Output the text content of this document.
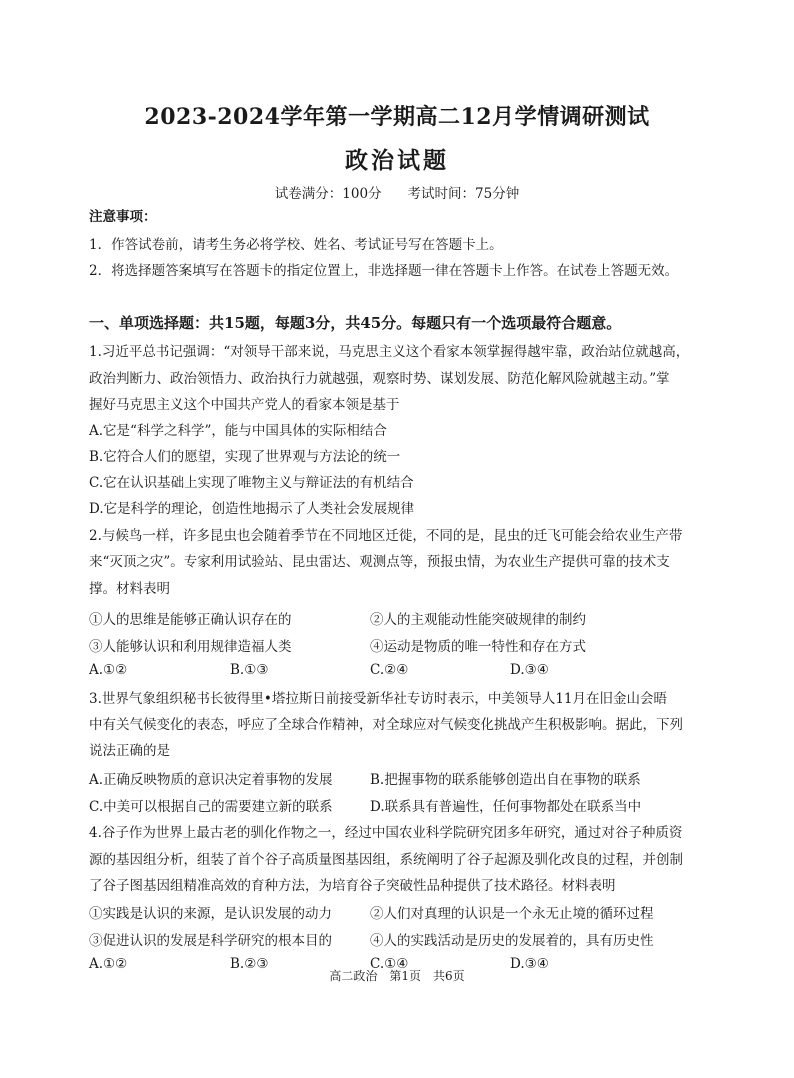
2023-2024学年第一学期高二12月学情调研测试
政治试题
试卷满分：100分 考试时间：75分钟
注意事项：
1．作答试卷前，请考生务必将学校、姓名、考试证号写在答题卡上。
2．将选择题答案填写在答题卡的指定位置上，非选择题一律在答题卡上作答。在试卷上答题无效。
一、单项选择题：共15题，每题3分，共45分。每题只有一个选项最符合题意。
1.习近平总书记强调：“对领导干部来说，马克思主义这个看家本领掌握得越牢靠，政治站位就越高，
政治判断力、政治领悟力、政治执行力就越强，观察时势、谋划发展、防范化解风险就越主动。”掌
握好马克思主义这个中国共产党人的看家本领是基于
A.它是“科学之科学”，能与中国具体的实际相结合
B.它符合人们的愿望，实现了世界观与方法论的统一
C.它在认识基础上实现了唯物主义与辩证法的有机结合
D.它是科学的理论，创造性地揭示了人类社会发展规律
2.与候鸟一样，许多昆虫也会随着季节在不同地区迁徙，不同的是，昆虫的迁飞可能会给农业生产带
来“灭顶之灾”。专家利用试验站、昆虫雷达、观测点等，预报虫情，为农业生产提供可靠的技术支
撑。材料表明
①人的思维是能够正确认识存在的	②人的主观能动性能突破规律的制约
③人能够认识和利用规律造福人类	④运动是物质的唯一特性和存在方式
A.①②	B.①③	C.②④	D.③④
3.世界气象组织秘书长彼得里•塔拉斯日前接受新华社专访时表示，中美领导人11月在旧金山会晤
中有关气候变化的表态，呼应了全球合作精神，对全球应对气候变化挑战产生积极影响。据此，下列
说法正确的是
A.正确反映物质的意识决定着事物的发展	B.把握事物的联系能够创造出自在事物的联系
C.中美可以根据自己的需要建立新的联系	D.联系具有普遍性，任何事物都处在联系当中
4.谷子作为世界上最古老的驯化作物之一，经过中国农业科学院研究团多年研究，通过对谷子种质资
源的基因组分析，组装了首个谷子高质量图基因组，系统阐明了谷子起源及驯化改良的过程，并创制
了谷子图基因组精准高效的育种方法，为培育谷子突破性品种提供了技术路径。材料表明
①实践是认识的来源，是认识发展的动力	②人们对真理的认识是一个永无止境的循环过程
③促进认识的发展是科学研究的根本目的	④人的实践活动是历史的发展着的，具有历史性
A.①②	B.②③	C.①④	D.③④
高二政治　第1页　共6页
